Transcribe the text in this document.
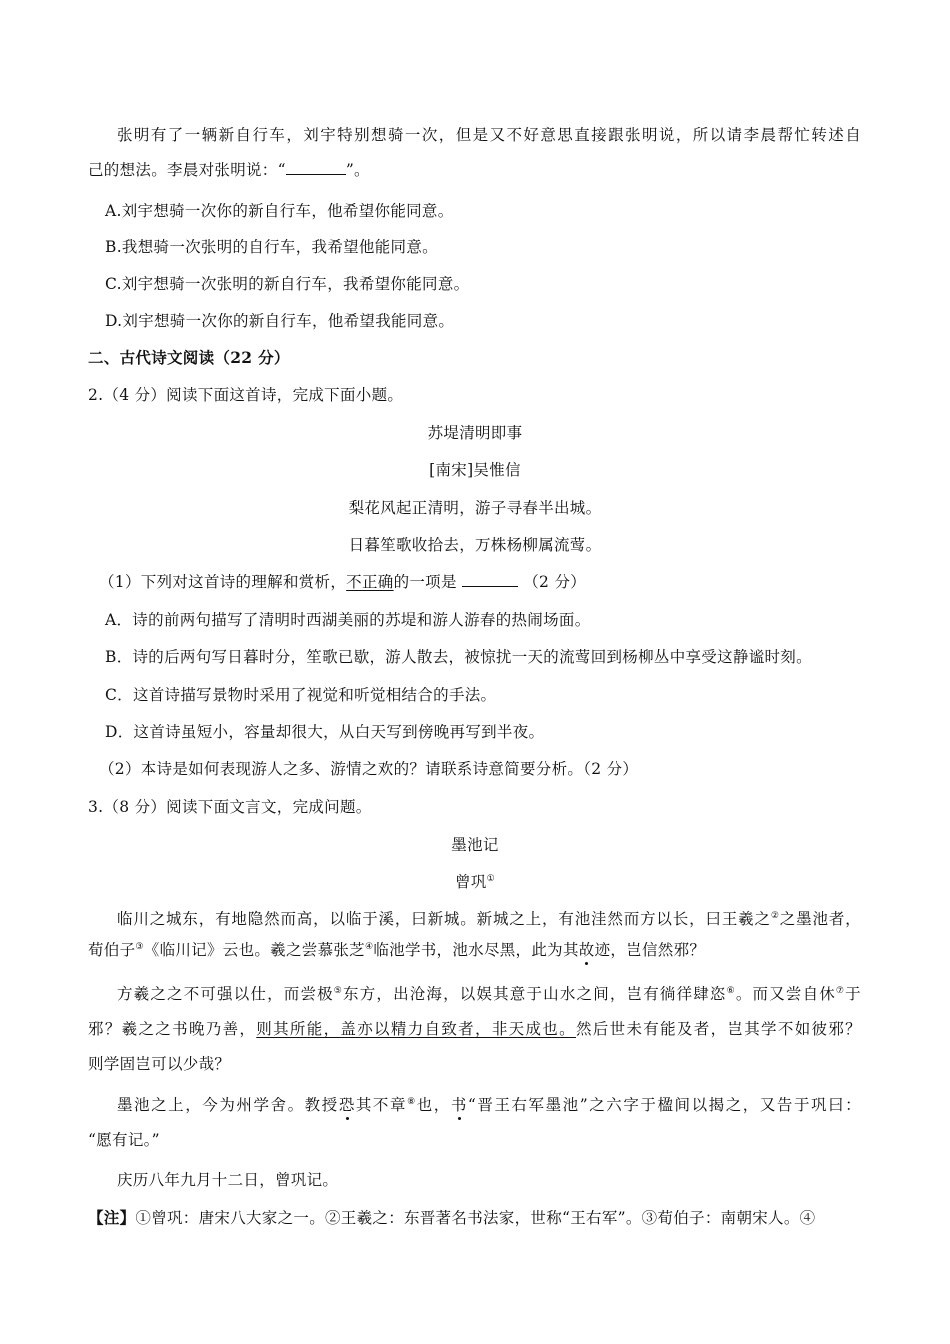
张明有了一辆新自行车，刘宇特别想骑一次，但是又不好意思直接跟张明说，所以请李晨帮忙转述自
己的想法。李晨对张明说：“	”。
A.刘宇想骑一次你的新自行车，他希望你能同意。
B.我想骑一次张明的自行车，我希望他能同意。
C.刘宇想骑一次张明的新自行车，我希望你能同意。
D.刘宇想骑一次你的新自行车，他希望我能同意。
二、古代诗文阅读（22 分）
2.（4 分）阅读下面这首诗，完成下面小题。
苏堤清明即事
[南宋]吴惟信
梨花风起正清明，游子寻春半出城。
日暮笙歌收拾去，万株杨柳属流莺。
（1）下列对这首诗的理解和赏析，不正确的一项是	（2 分）
A．诗的前两句描写了清明时西湖美丽的苏堤和游人游春的热闹场面。
B．诗的后两句写日暮时分，笙歌已歇，游人散去，被惊扰一天的流莺回到杨柳丛中享受这静谧时刻。
C．这首诗描写景物时采用了视觉和听觉相结合的手法。
D．这首诗虽短小，容量却很大，从白天写到傍晚再写到半夜。
（2）本诗是如何表现游人之多、游情之欢的？请联系诗意简要分析。（2 分）
3.（8 分）阅读下面文言文，完成问题。
墨池记
曾巩①
临川之城东，有地隐然而高，以临于溪，曰新城。新城之上，有池洼然而方以长，曰王羲之②之墨池者，
荀伯子③《临川记》云也。羲之尝慕张芝④临池学书，池水尽黑，此为其故迹，岂信然邪？
方羲之之不可强以仕，而尝极⑤东方，出沧海，以娱其意于山水之间，岂有徜徉肆恣⑥。而又尝自休⑦于
邪？羲之之书晚乃善，则其所能，盖亦以精力自致者，非天成也。然后世未有能及者，岂其学不如彼邪？
则学固岂可以少哉？
墨池之上，今为州学舍。教授恐其不章⑧也，书“晋王右军墨池”之六字于楹间以揭之，又告于巩曰：
“愿有记。”
庆历八年九月十二日，曾巩记。
【注】①曾巩：唐宋八大家之一。②王羲之：东晋著名书法家，世称“王右军”。③荀伯子：南朝宋人。④
